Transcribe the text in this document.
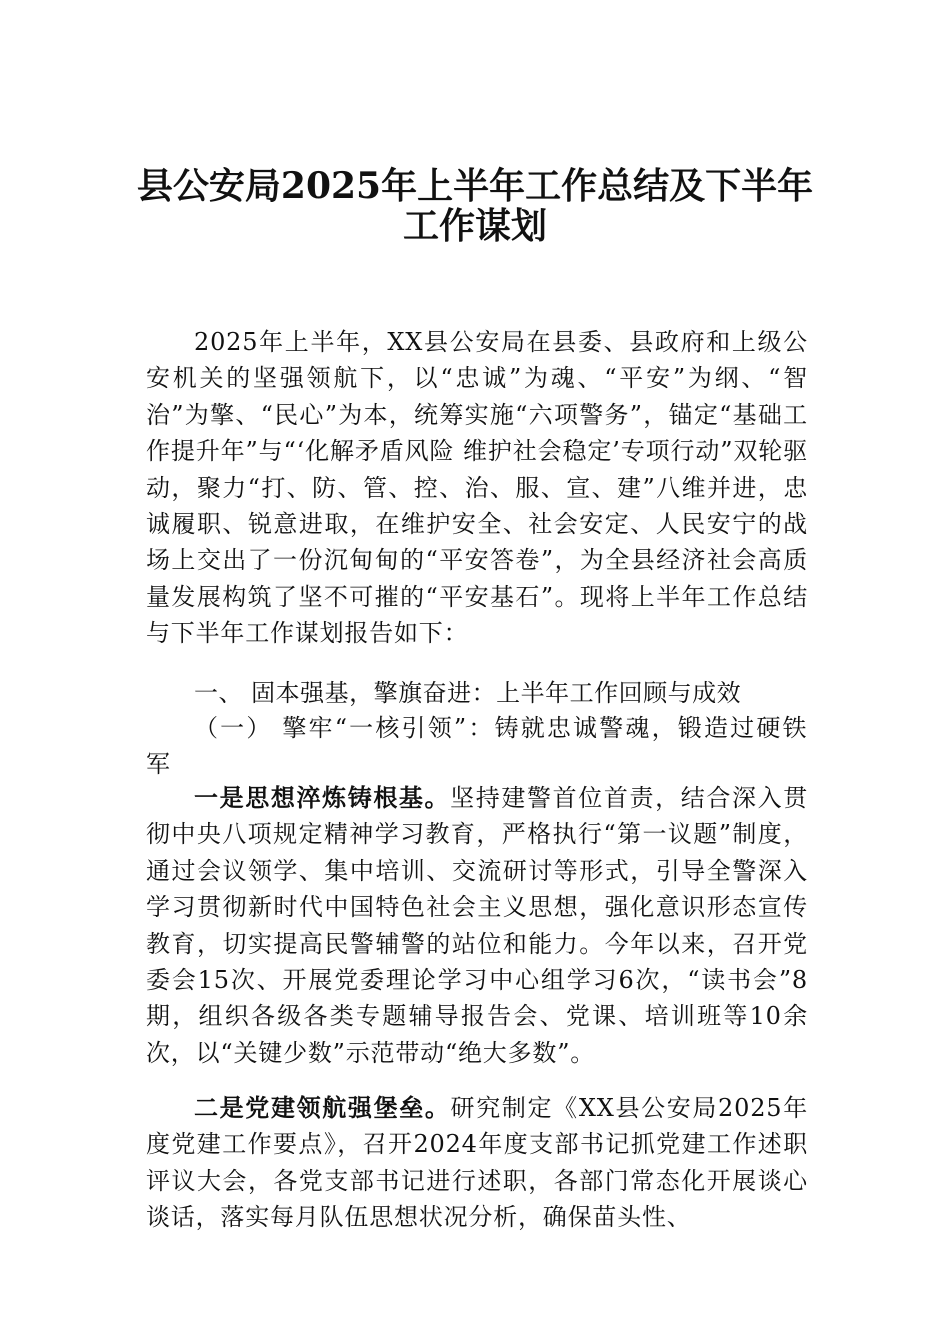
县公安局2025年上半年工作总结及下半年
工作谋划

2025年上半年，XX县公安局在县委、县政府和上级公安机关的坚强领航下，以“忠诚”为魂、“平安”为纲、“智治”为擎、“民心”为本，统筹实施“六项警务”，锚定“基础工作提升年”与“‘化解矛盾风险 维护社会稳定’专项行动”双轮驱动，聚力“打、防、管、控、治、服、宣、建”八维并进，忠诚履职、锐意进取，在维护安全、社会安定、人民安宁的战场上交出了一份沉甸甸的“平安答卷”，为全县经济社会高质量发展构筑了坚不可摧的“平安基石”。现将上半年工作总结与下半年工作谋划报告如下：

一、 固本强基，擎旗奋进：上半年工作回顾与成效

（一） 擎牢“一核引领”：铸就忠诚警魂，锻造过硬铁军

一是思想淬炼铸根基。坚持建警首位首责，结合深入贯彻中央八项规定精神学习教育，严格执行“第一议题”制度，通过会议领学、集中培训、交流研讨等形式，引导全警深入学习贯彻新时代中国特色社会主义思想，强化意识形态宣传教育，切实提高民警辅警的站位和能力。今年以来，召开党委会15次、开展党委理论学习中心组学习6次，“读书会”8期，组织各级各类专题辅导报告会、党课、培训班等10余次，以“关键少数”示范带动“绝大多数”。

二是党建领航强堡垒。研究制定《XX县公安局2025年度党建工作要点》，召开2024年度支部书记抓党建工作述职评议大会，各党支部书记进行述职，各部门常态化开展谈心谈话，落实每月队伍思想状况分析，确保苗头性、
